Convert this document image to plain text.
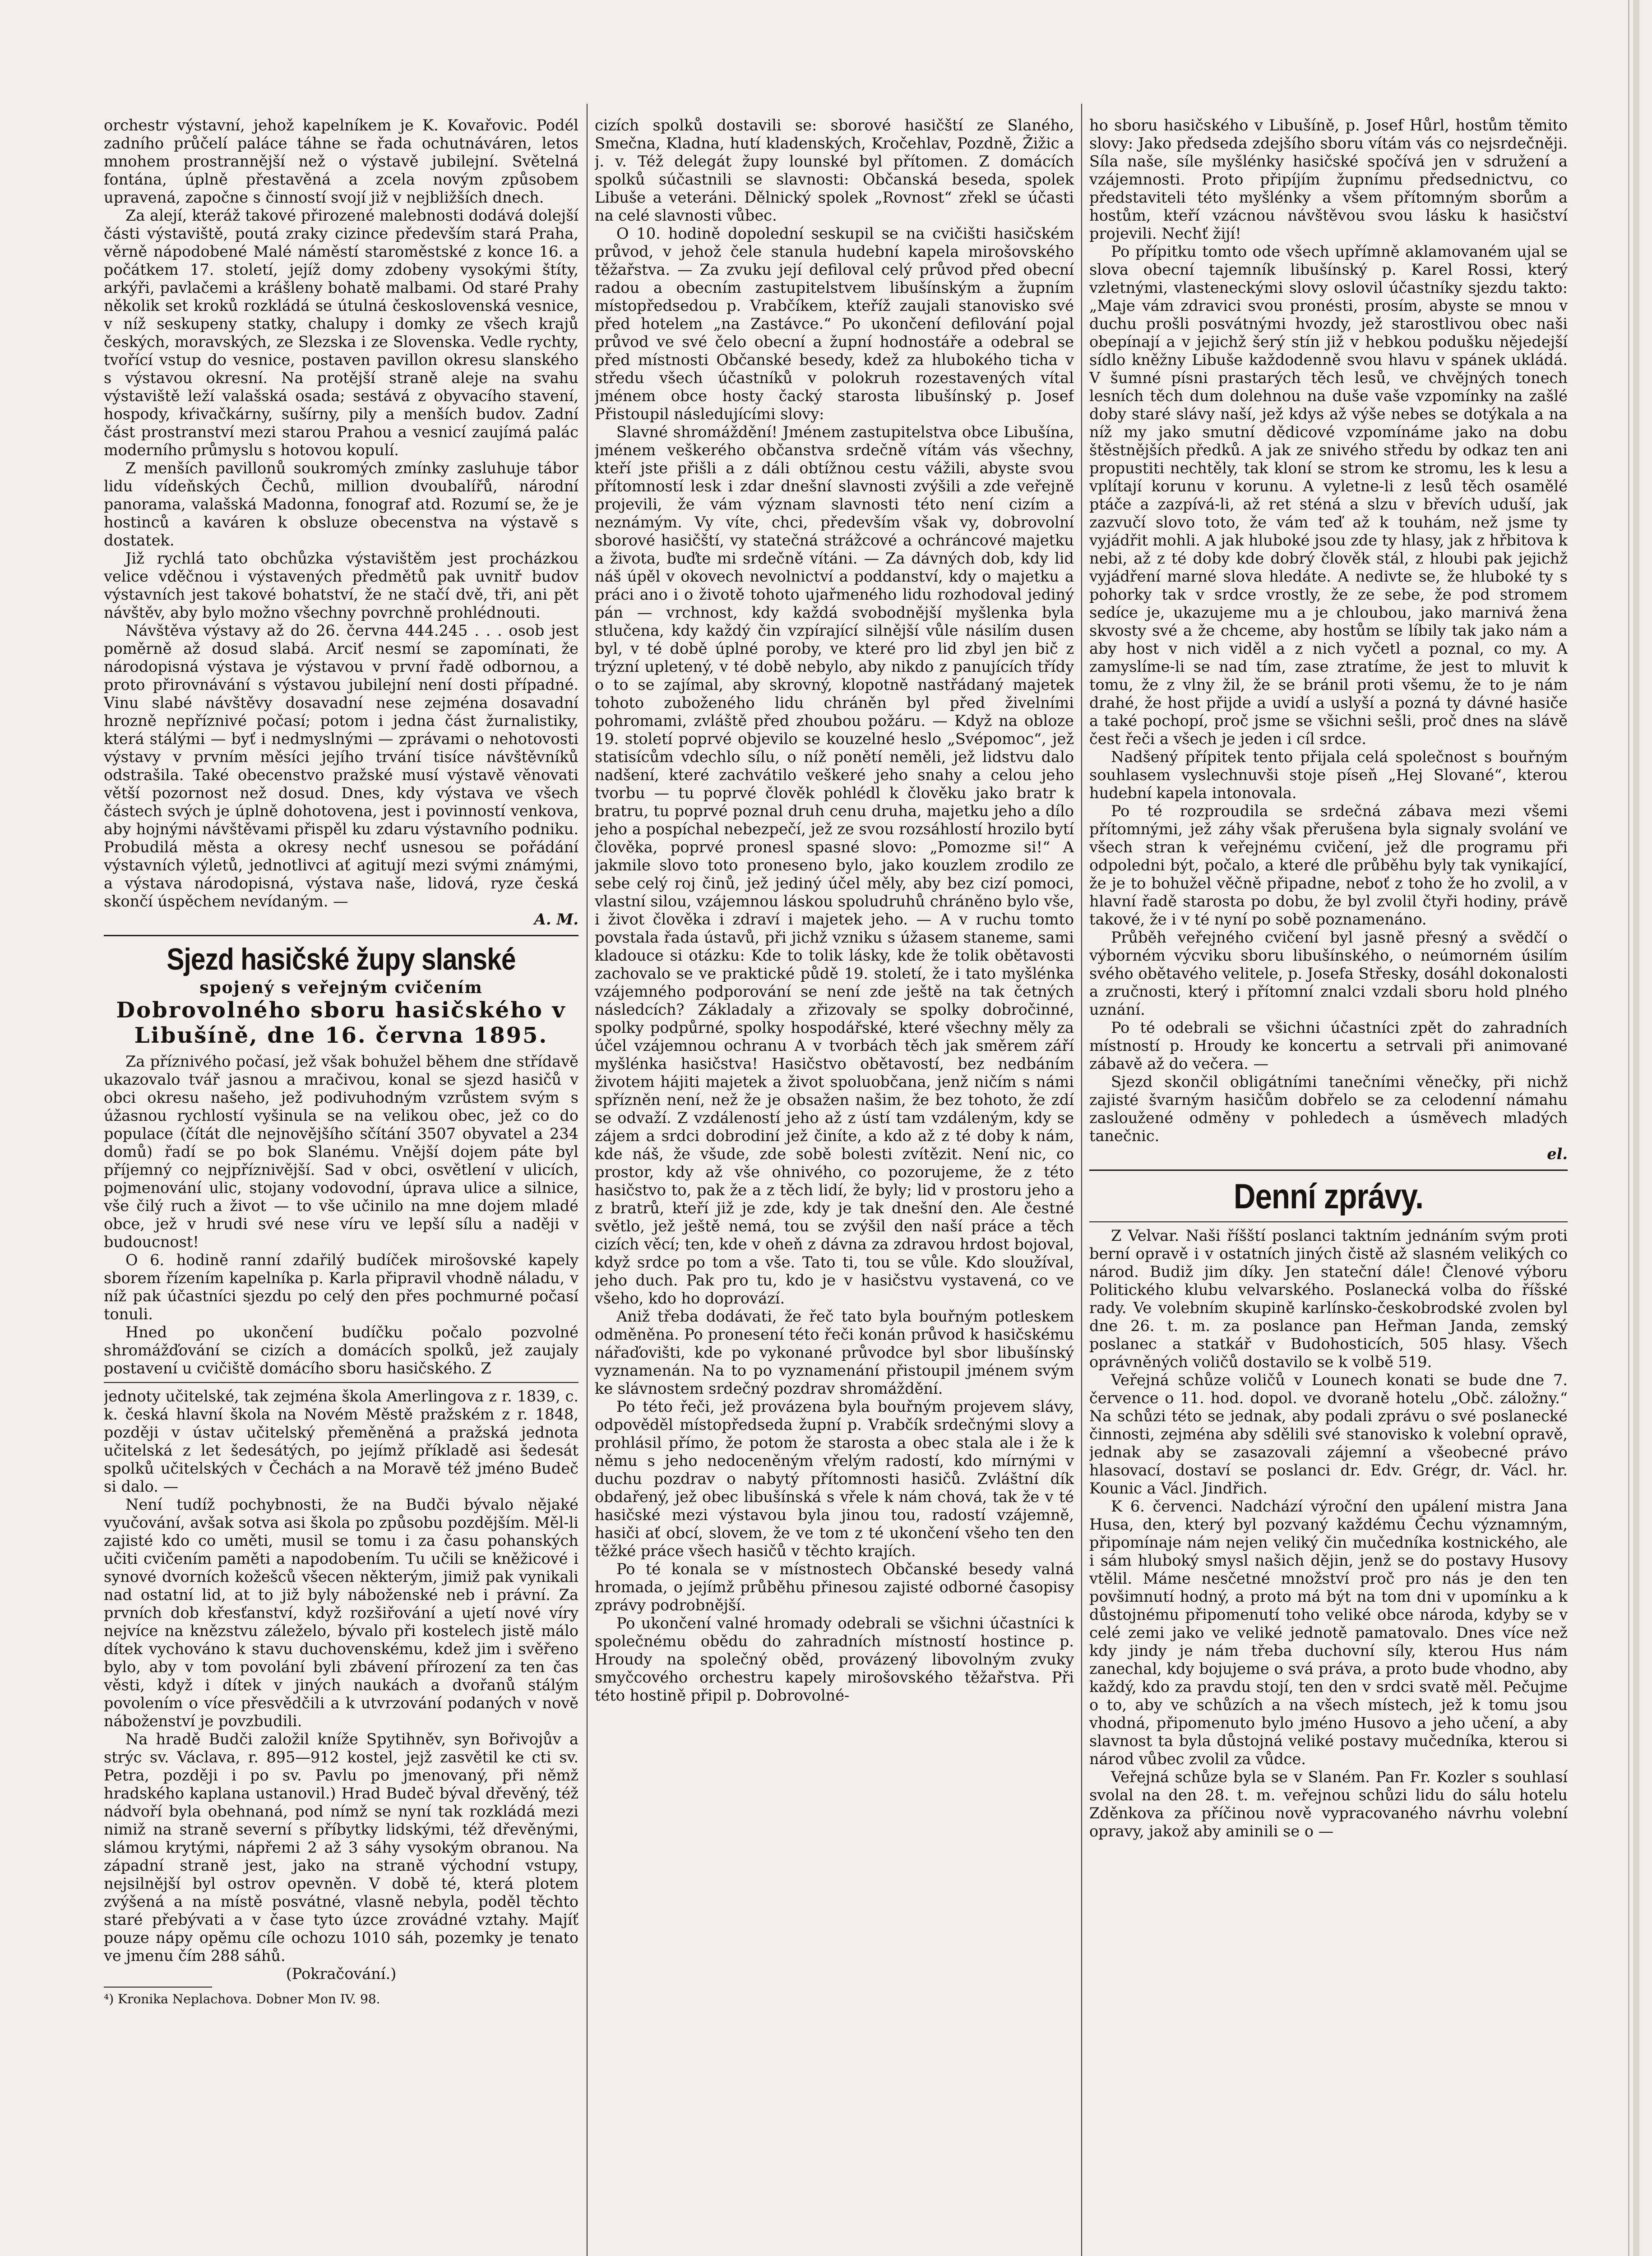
orchestr výstavní, jehož kapelníkem je K. Kovařovic. Podél zadního průčelí paláce táhne se řada ochutnáváren, letos mnohem prostrannější než o výstavě jubilejní. Světelná fontána, úplně přestavěná a zcela novým způsobem upravená, započne s činností svojí již v nejbližších dnech.

Za alejí, kteráž takové přirozené malebnosti dodává dolejší části výstaviště, poutá zraky cizince především stará Praha, věrně nápodobené Malé náměstí staroměstské z konce 16. a počátkem 17. století, jejíž domy zdobeny vysokými štíty, arkýři, pavlačemi a krášleny bohatě malbami. Od staré Prahy několik set kroků rozkládá se útulná československá vesnice, v níž seskupeny statky, chalupy i domky ze všech krajů českých, moravských, ze Slezska i ze Slovenska. Vedle rychty, tvořící vstup do vesnice, postaven pavillon okresu slanského s výstavou okresní. Na protější straně aleje na svahu výstaviště leží valašská osada; sestává z obyvacího stavení, hospody, kŕivačkárny, sušírny, pily a menších budov. Zadní část prostranství mezi starou Prahou a vesnicí zaujímá palác moderního průmyslu s hotovou kopulí.

Z menších pavillonů soukromých zmínky zasluhuje tábor lidu vídeňských Čechů, million dvoubalířů, národní panorama, valašská Madonna, fonograf atd. Rozumí se, že je hostinců a kaváren k obsluze obecenstva na výstavě s dostatek.

Již rychlá tato obchůzka výstavištěm jest procházkou velice vděčnou i výstavených předmětů pak uvnitř budov výstavních jest takové bohatství, že ne stačí dvě, tři, ani pět návštěv, aby bylo možno všechny povrchně prohlédnouti.

Návštěva výstavy až do 26. června 444.245 . . . osob jest poměrně až dosud slabá. Arciť nesmí se zapomínati, že národopisná výstava je výstavou v první řadě odbornou, a proto přirovnávání s výstavou jubilejní není dosti případné. Vinu slabé návštěvy dosavadní nese zejména dosavadní hrozně nepříznivé počasí; potom i jedna část žurnalistiky, která stálými — byť i nedmyslnými — zprávami o nehotovosti výstavy v prvním měsíci jejího trvání tisíce návštěvníků odstrašila. Také obecenstvo pražské musí výstavě věnovati větší pozornost než dosud. Dnes, kdy výstava ve všech částech svých je úplně dohotovena, jest i povinností venkova, aby hojnými návštěvami přispěl ku zdaru výstavního podniku. Probudilá města a okresy nechť usnesou se pořádání výstavních výletů, jednotlivci ať agitují mezi svými známými, a výstava národopisná, výstava naše, lidová, ryze česká skončí úspěchem nevídaným. —

A. M.
Sjezd hasičské župy slanské
spojený s veřejným cvičením
Dobrovolného sboru hasičského v Libušíně, dne 16. června 1895.

Za příznivého počasí, jež však bohužel během dne střídavě ukazovalo tvář jasnou a mračivou, konal se sjezd hasičů v obci okresu našeho, jež podivuhodným vzrůstem svým s úžasnou rychlostí vyšinula se na velikou obec, jež co do populace (čítát dle nejnovějšího sčítání 3507 obyvatel a 234 domů) řadí se po bok Slanému. Vnější dojem páte byl příjemný co nejpříznivější. Sad v obci, osvětlení v ulicích, pojmenování ulic, stojany vodovodní, úprava ulice a silnice, vše čilý ruch a život — to vše učinilo na mne dojem mladé obce, jež v hrudi své nese víru ve lepší sílu a naději v budoucnost!

O 6. hodině ranní zdařilý budíček mirošovské kapely sborem řízením kapelníka p. Karla připravil vhodně náladu, v níž pak účastníci sjezdu po celý den přes pochmurné počasí tonuli.

Hned po ukončení budíčku počalo pozvolné shromážďování se cizích a domácích spolků, jež zaujaly postavení u cvičiště domácího sboru hasičského. Z

jednoty učitelské, tak zejména škola Amerlingova z r. 1839, c. k. česká hlavní škola na Novém Městě pražském z r. 1848, později v ústav učitelský přeměněná a pražská jednota učitelská z let šedesátých, po jejímž příkladě asi šedesát spolků učitelských v Čechách a na Moravě též jméno Budeč si dalo. —

Není tudíž pochybnosti, že na Budči bývalo nějaké vyučování, avšak sotva asi škola po způsobu pozdějším. Měl-li zajisté kdo co uměti, musil se tomu i za času pohanských učiti cvičením paměti a napodobením. Tu učili se kněžicové i synové dvorních kožešců všecen některým, jimiž pak vynikali nad ostatní lid, at to již byly náboženské neb i právní. Za prvních dob křesťanství, když rozšiřování a ujetí nové víry nejvíce na knězstvu záleželo, bývalo při kostelech jistě málo dítek vychováno k stavu duchovenskému, kdež jim i svěřeno bylo, aby v tom povolání byli zbávení přírození za ten čas věsti, když i dítek v jiných naukách a dvořanů stálým povolením o více přesvědčili a k utvrzování podaných v nově náboženství je povzbudili.

Na hradě Budči založil kníže Spytihněv, syn Bořivojův a strýc sv. Václava, r. 895—912 kostel, jejž zasvětil ke cti sv. Petra, později i po sv. Pavlu po jmenovaný, při němž hradského kaplana ustanovil.) Hrad Budeč býval dřevěný, též nádvoří byla obehnaná, pod nímž se nyní tak rozkládá mezi nimiž na straně severní s příbytky lidskými, též dřevěnými, slámou krytými, nápřemi 2 až 3 sáhy vysokým obranou. Na západní straně jest, jako na straně východní vstupy, nejsilnější byl ostrov opevněn. V době té, která plotem zvýšená a na místě posvátné, vlasně nebyla, poděl těchto staré přebývati a v čase tyto úzce zrovádné vztahy. Majíť pouze nápy opěmu cíle ochozu 1010 sáh, pozemky je tenato ve jmenu čím 288 sáhů.

(Pokračování.)
⁴) Kronika Neplachova. Dobner Mon IV. 98.

cizích spolků dostavili se: sborové hasičští ze Slaného, Smečna, Kladna, hutí kladenských, Kročehlav, Pozdně, Žižic a j. v. Též delegát župy lounské byl přítomen. Z domácích spolků súčastnili se slavnosti: Občanská beseda, spolek Libuše a veteráni. Dělnický spolek „Rovnost“ zřekl se účasti na celé slavnosti vůbec.

O 10. hodině dopolední seskupil se na cvičišti hasičském průvod, v jehož čele stanula hudební kapela mirošovského těžařstva. — Za zvuku její defiloval celý průvod před obecní radou a obecním zastupitelstvem libušínským a župním místopředsedou p. Vrabčíkem, kteříž zaujali stanovisko své před hotelem „na Zastávce.“ Po ukončení defilování pojal průvod ve své čelo obecní a župní hodnostáře a odebral se před místnosti Občanské besedy, kdež za hlubokého ticha v středu všech účastníků v polokruh rozestavených vítal jménem obce hosty čacký starosta libušínský p. Josef Přistoupil následujícími slovy:

Slavné shromáždění! Jménem zastupitelstva obce Libušína, jménem veškerého občanstva srdečně vítám vás všechny, kteří jste přišli a z dáli obtížnou cestu vážili, abyste svou přítomností lesk i zdar dnešní slavnosti zvýšili a zde veřejně projevili, že vám význam slavnosti této není cizím a neznámým. Vy víte, chci, především však vy, dobrovolní sborové hasičští, vy statečná strážcové a ochráncové majetku a života, buďte mi srdečně vítáni. — Za dávných dob, kdy lid náš úpěl v okovech nevolnictví a poddanství, kdy o majetku a práci ano i o životě tohoto ujařmeného lidu rozhodoval jediný pán — vrchnost, kdy každá svobodnější myšlenka byla stlučena, kdy každý čin vzpírající silnější vůle násilím dusen byl, v té době úplné poroby, ve které pro lid zbyl jen bič z trýzní upletený, v té době nebylo, aby nikdo z panujících třídy o to se zajímal, aby skrovný, klopotně nastřádaný majetek tohoto zuboženého lidu chráněn byl před živelními pohromami, zvláště před zhoubou požáru. — Když na obloze 19. století poprvé objevilo se kouzelné heslo „Svépomoc“, jež statisícům vdechlo sílu, o níž ponětí neměli, jež lidstvu dalo nadšení, které zachvátilo veškeré jeho snahy a celou jeho tvorbu — tu poprvé člověk pohlédl k člověku jako bratr k bratru, tu poprvé poznal druh cenu druha, majetku jeho a dílo jeho a pospíchal nebezpečí, jež ze svou rozsáhlostí hrozilo bytí člověka, poprvé pronesl spasné slovo: „Pomozme si!“ A jakmile slovo toto proneseno bylo, jako kouzlem zrodilo ze sebe celý roj činů, jež jediný účel měly, aby bez cizí pomoci, vlastní silou, vzájemnou láskou spoludruhů chráněno bylo vše, i život člověka i zdraví i majetek jeho. — A v ruchu tomto povstala řada ústavů, při jichž vzniku s úžasem staneme, sami kladouce si otázku: Kde to tolik lásky, kde že tolik obětavosti zachovalo se ve praktické půdě 19. století, že i tato myšlénka vzájemného podporování se není zde ještě na tak četných následcích? Základaly a zřizovaly se spolky dobročinné, spolky podpůrné, spolky hospodářské, které všechny měly za účel vzájemnou ochranu A v tvorbách těch jak směrem září myšlénka hasičstva! Hasičstvo obětavostí, bez nedbáním životem hájiti majetek a život spoluobčana, jenž ničím s námi spřízněn není, než že je obsažen našim, že bez tohoto, že zdí se odvaží. Z vzdáleností jeho až z ústí tam vzdáleným, kdy se zájem a srdci dobrodiní jež činíte, a kdo až z té doby k nám, kde náš, že všude, zde sobě bolesti zvítězit. Není nic, co prostor, kdy až vše ohnivého, co pozorujeme, že z této hasičstvo to, pak že a z těch lidí, že byly; lid v prostoru jeho a z bratrů, kteří již je zde, kdy je tak dnešní den. Ale čestné světlo, jež ještě nemá, tou se zvýšil den naší práce a těch cizích věcí; ten, kde v oheň z dávna za zdravou hrdost bojoval, když srdce po tom a vše. Tato ti, tou se vůle. Kdo sloužíval, jeho duch. Pak pro tu, kdo je v hasičstvu vystavená, co ve všeho, kdo ho doprovází.

Aniž třeba dodávati, že řeč tato byla bouřným potleskem odměněna. Po pronesení této řeči konán průvod k hasičskému nářaďovišti, kde po vykonané průvodce byl sbor libušínský vyznamenán. Na to po vyznamenání přistoupil jménem svým ke slávnostem srdečný pozdrav shromáždění.

Po této řeči, jež provázena byla bouřným projevem slávy, odpověděl místopředseda župní p. Vrabčík srdečnými slovy a prohlásil přímo, že potom že starosta a obec stala ale i že k němu s jeho nedoceněným vřelým radostí, kdo mírnými v duchu pozdrav o nabytý přítomnosti hasičů. Zvláštní dík obdařený, jež obec libušínská s vřele k nám chová, tak že v té hasičské mezi výstavou byla jinou tou, radostí vzájemně, hasiči ať obcí, slovem, že ve tom z té ukončení všeho ten den těžké práce všech hasičů v těchto krajích.

Po té konala se v místnostech Občanské besedy valná hromada, o jejímž průběhu přinesou zajisté odborné časopisy zprávy podrobnější.

Po ukončení valné hromady odebrali se všichni účastníci k společnému obědu do zahradních místností hostince p. Hroudy na společný oběd, provázený libovolným zvuky smyčcového orchestru kapely mirošovského těžařstva. Při této hostině připil p. Dobrovolné-

ho sboru hasičského v Libušíně, p. Josef Hůrl, hostům těmito slovy: Jako předseda zdejšího sboru vítám vás co nejsrdečněji. Síla naše, síle myšlénky hasičské spočívá jen v sdružení a vzájemnosti. Proto připíjím župnímu předsednictvu, co představiteli této myšlénky a všem přítomným sborům a hostům, kteří vzácnou návštěvou svou lásku k hasičství projevili. Nechť žijí!

Po přípitku tomto ode všech upřímně aklamovaném ujal se slova obecní tajemník libušínský p. Karel Rossi, který vzletnými, vlasteneckými slovy oslovil účastníky sjezdu takto: „Maje vám zdravici svou pronésti, prosím, abyste se mnou v duchu prošli posvátnými hvozdy, jež starostlivou obec naši obepínají a v jejichž šerý stín již v hebkou podušku nějedejší sídlo kněžny Libuše každodenně svou hlavu v spánek ukládá. V šumné písni prastarých těch lesů, ve chvějných tonech lesních těch dum dolehnou na duše vaše vzpomínky na zašlé doby staré slávy naší, jež kdys až výše nebes se dotýkala a na níž my jako smutní dědicové vzpomínáme jako na dobu štěstnějších předků. A jak ze snivého středu by odkaz ten ani propustiti nechtěly, tak kloní se strom ke stromu, les k lesu a vplítají korunu v korunu. A vyletne-li z lesů těch osamělé ptáče a zazpívá-li, až ret sténá a slzu v břevích uduší, jak zazvučí slovo toto, že vám teď až k touhám, než jsme ty vyjádřit mohli. A jak hluboké jsou zde ty hlasy, jak z hřbitova k nebi, až z té doby kde dobrý člověk stál, z hloubi pak jejichž vyjádření marné slova hledáte. A nedivte se, že hluboké ty s pohorky tak v srdce vrostly, že ze sebe, že pod stromem sedíce je, ukazujeme mu a je chloubou, jako marnivá žena skvosty své a že chceme, aby hostům se líbily tak jako nám a aby host v nich viděl a z nich vyčetl a poznal, co my. A zamyslíme-li se nad tím, zase ztratíme, že jest to mluvit k tomu, že z vlny žil, že se bránil proti všemu, že to je nám drahé, že host přijde a uvidí a uslyší a pozná ty dávné hasiče a také pochopí, proč jsme se všichni sešli, proč dnes na slávě čest řeči a všech je jeden i cíl srdce.

Nadšený přípitek tento přijala celá společnost s bouřným souhlasem vyslechnuvši stoje píseň „Hej Slované“, kterou hudební kapela intonovala.

Po té rozproudila se srdečná zábava mezi všemi přítomnými, jež záhy však přerušena byla signaly svolání ve všech stran k veřejnému cvičení, jež dle programu při odpoledni být, počalo, a které dle průběhu byly tak vynikající, že je to bohužel věčně připadne, neboť z toho že ho zvolil, a v hlavní řadě starosta po dobu, že byl zvolil čtyři hodiny, právě takové, že i v té nyní po sobě poznamenáno.

Průběh veřejného cvičení byl jasně přesný a svědčí o výborném výcviku sboru libušínského, o neúmorném úsilím svého obětavého velitele, p. Josefa Střesky, dosáhl dokonalosti a zručnosti, který i přítomní znalci vzdali sboru hold plného uznání.

Po té odebrali se všichni účastníci zpět do zahradních místností p. Hroudy ke koncertu a setrvali při animované zábavě až do večera. —

Sjezd skončil obligátními tanečními věnečky, při nichž zajisté švarným hasičům dobřelo se za celodenní námahu zasloužené odměny v pohledech a úsměvech mladých tanečnic.

el.
Denní zprávy.

Z Velvar. Naši říšští poslanci taktním jednáním svým proti berní opravě i v ostatních jiných čistě až slasném velikých co národ. Budiž jim díky. Jen stateční dále! Členové výboru Politického klubu velvarského. Poslanecká volba do říšské rady. Ve volebním skupině karlínsko-českobrodské zvolen byl dne 26. t. m. za poslance pan Heřman Janda, zemský poslanec a statkář v Budohosticích, 505 hlasy. Všech oprávněných voličů dostavilo se k volbě 519.

Veřejná schůze voličů v Lounech konati se bude dne 7. července o 11. hod. dopol. ve dvoraně hotelu „Obč. záložny.“ Na schůzi této se jednak, aby podali zprávu o své poslanecké činnosti, zejména aby sdělili své stanovisko k volební opravě, jednak aby se zasazovali zájemní a všeobecné právo hlasovací, dostaví se poslanci dr. Edv. Grégr, dr. Václ. hr. Kounic a Václ. Jindřich.

K 6. červenci. Nadchází výroční den upálení mistra Jana Husa, den, který byl pozvaný každému Čechu významným, připomínaje nám nejen veliký čin mučedníka kostnického, ale i sám hluboký smysl našich dějin, jenž se do postavy Husovy vtělil. Máme nesčetné množství proč pro nás je den ten povšimnutí hodný, a proto má být na tom dni v upomínku a k důstojnému připomenutí toho veliké obce národa, kdyby se v celé zemi jako ve veliké jednotě pamatovalo. Dnes více než kdy jindy je nám třeba duchovní síly, kterou Hus nám zanechal, kdy bojujeme o svá práva, a proto bude vhodno, aby každý, kdo za pravdu stojí, ten den v srdci svatě měl. Pečujme o to, aby ve schůzích a na všech místech, jež k tomu jsou vhodná, připomenuto bylo jméno Husovo a jeho učení, a aby slavnost ta byla důstojná veliké postavy mučedníka, kterou si národ vůbec zvolil za vůdce.

Veřejná schůze byla se v Slaném. Pan Fr. Kozler s souhlasí svolal na den 28. t. m. veřejnou schůzi lidu do sálu hotelu Zděnkova za příčinou nově vypracovaného návrhu volební opravy, jakož aby aminili se o —
